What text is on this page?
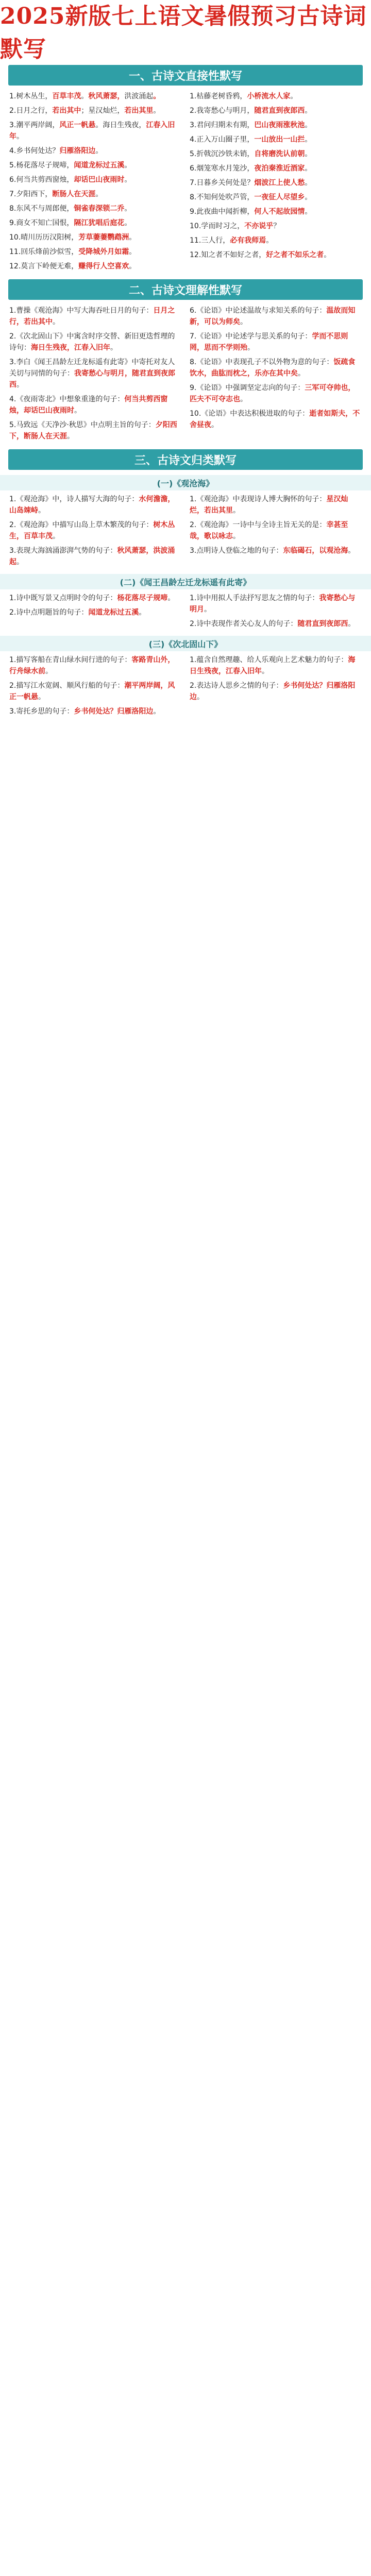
2025新版七上语文暑假预习古诗词默写
一、古诗文直接性默写
1.树木丛生，百草丰茂。秋风萧瑟，洪波涌起。
2.日月之行，若出其中；星汉灿烂，若出其里。
3.潮平两岸阔，风正一帆悬。海日生残夜，江春入旧年。
4.乡书何处达？归雁洛阳边。
5.杨花落尽子规啼，闻道龙标过五溪。
6.何当共剪西窗烛，却话巴山夜雨时。
7.夕阳西下，断肠人在天涯。
8.东风不与周郎便，铜雀春深锁二乔。
9.商女不知亡国恨，隔江犹唱后庭花。
10.晴川历历汉阳树，芳草萋萋鹦鹉洲。
11.回乐烽前沙似雪，受降城外月如霜。
12.莫言下岭便无难，赚得行人空喜欢。
1.枯藤老树昏鸦，小桥流水人家。
2.我寄愁心与明月，随君直到夜郎西。
3.君问归期未有期，巴山夜雨涨秋池。
4.正入万山圈子里，一山放出一山拦。
5.折戟沉沙铁未销，自将磨洗认前朝。
6.烟笼寒水月笼沙，夜泊秦淮近酒家。
7.日暮乡关何处是？烟波江上使人愁。
8.不知何处吹芦管，一夜征人尽望乡。
9.此夜曲中闻折柳，何人不起故园情。
10.学而时习之，不亦说乎？
11.三人行，必有我师焉。
12.知之者不如好之者，好之者不如乐之者。
二、古诗文理解性默写
1.曹操《观沧海》中写大海吞吐日月的句子：日月之行，若出其中。
2.《次北固山下》中寓含时序交替、新旧更迭哲理的诗句：海日生残夜，江春入旧年。
3.李白《闻王昌龄左迁龙标遥有此寄》中寄托对友人关切与同情的句子：我寄愁心与明月，随君直到夜郎西。
4.《夜雨寄北》中想象重逢的句子：何当共剪西窗烛，却话巴山夜雨时。
5.马致远《天净沙·秋思》中点明主旨的句子：夕阳西下，断肠人在天涯。
6.《论语》中论述温故与求知关系的句子：温故而知新，可以为师矣。
7.《论语》中论述学与思关系的句子：学而不思则罔，思而不学则殆。
8.《论语》中表现孔子不以外物为意的句子：饭疏食饮水，曲肱而枕之，乐亦在其中矣。
9.《论语》中强调坚定志向的句子：三军可夺帅也，匹夫不可夺志也。
10.《论语》中表达积极进取的句子：逝者如斯夫，不舍昼夜。
三、古诗文归类默写
(一)《观沧海》
1.《观沧海》中，诗人描写大海的句子：水何澹澹，山岛竦峙。
2.《观沧海》中描写山岛上草木繁茂的句子：树木丛生，百草丰茂。
3.表现大海汹涌澎湃气势的句子：秋风萧瑟，洪波涌起。
1.《观沧海》中表现诗人博大胸怀的句子：星汉灿烂，若出其里。
2.《观沧海》一诗中与全诗主旨无关的是：幸甚至哉，歌以咏志。
3.点明诗人登临之地的句子：东临碣石，以观沧海。
(二)《闻王昌龄左迁龙标遥有此寄》
1.诗中既写景又点明时令的句子：杨花落尽子规啼。
2.诗中点明题旨的句子：闻道龙标过五溪。
1.诗中用拟人手法抒写思友之情的句子：我寄愁心与明月。
2.诗中表现作者关心友人的句子：随君直到夜郎西。
(三)《次北固山下》
1.描写客船在青山绿水间行进的句子：客路青山外，行舟绿水前。
2.描写江水宽阔、顺风行船的句子：潮平两岸阔，风正一帆悬。
3.寄托乡思的句子：乡书何处达？归雁洛阳边。
1.蕴含自然理趣、给人乐观向上艺术魅力的句子：海日生残夜，江春入旧年。
2.表达诗人思乡之情的句子：乡书何处达？归雁洛阳边。
